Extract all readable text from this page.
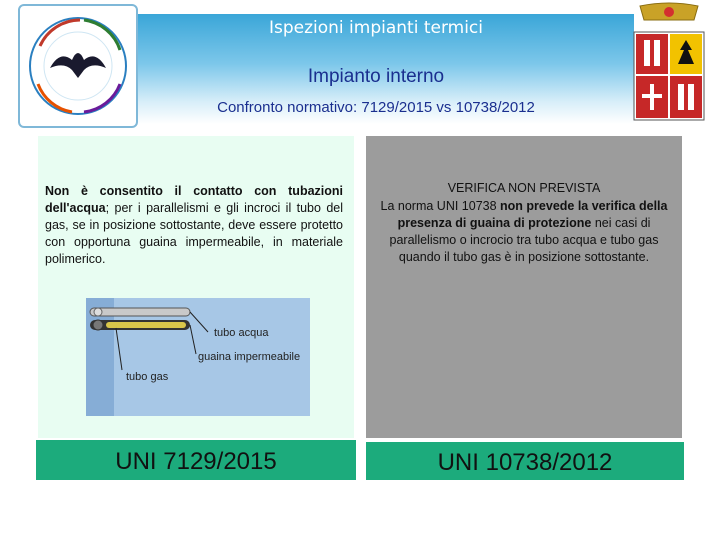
Ispezioni impianti termici
Impianto interno
Confronto normativo: 7129/2015 vs 10738/2012
Non è consentito il contatto con tubazioni dell'acqua; per i parallelismi e gli incroci il tubo del gas, se in posizione sottostante, deve essere protetto con opportuna guaina impermeabile, in materiale polimerico.
tubo acqua
guaina impermeabile
tubo gas
VERIFICA NON PREVISTA
La norma UNI 10738 non prevede la verifica della presenza di guaina di protezione nei casi di parallelismo o incrocio tra tubo acqua e tubo gas quando il tubo gas è in posizione sottostante.
UNI 7129/2015	UNI 10738/2012
